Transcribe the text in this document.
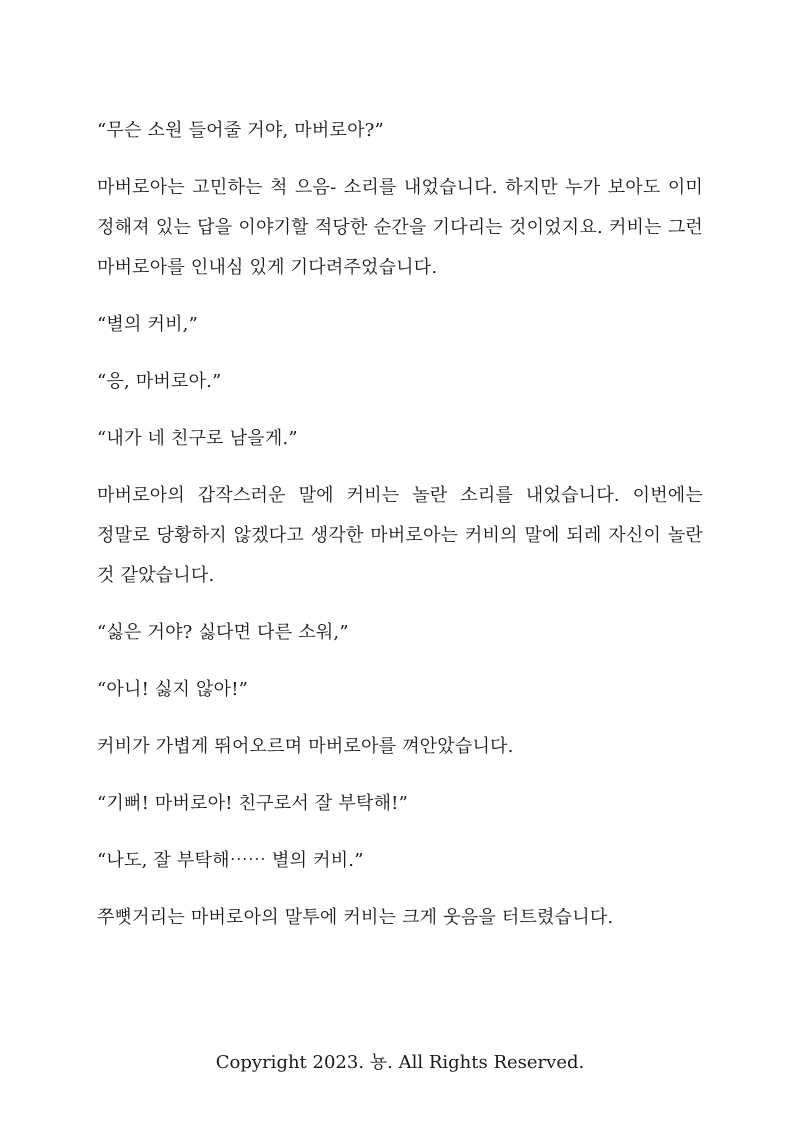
“무슨 소원 들어줄 거야, 마버로아?”

마버로아는 고민하는 척 으음- 소리를 내었습니다. 하지만 누가 보아도 이미 정해져 있는 답을 이야기할 적당한 순간을 기다리는 것이었지요. 커비는 그런 마버로아를 인내심 있게 기다려주었습니다.

“별의 커비,”

“응, 마버로아.”

“내가 네 친구로 남을게.”

마버로아의 갑작스러운 말에 커비는 놀란 소리를 내었습니다. 이번에는 정말로 당황하지 않겠다고 생각한 마버로아는 커비의 말에 되레 자신이 놀란 것 같았습니다.

“싫은 거야? 싫다면 다른 소워,”

“아니! 싫지 않아!”

커비가 가볍게 뛰어오르며 마버로아를 껴안았습니다.

“기뻐! 마버로아! 친구로서 잘 부탁해!”

“나도, 잘 부탁해⋯⋯ 별의 커비.”

쭈뼛거리는 마버로아의 말투에 커비는 크게 웃음을 터트렸습니다.

Copyright 2023. 뇽. All Rights Reserved.
